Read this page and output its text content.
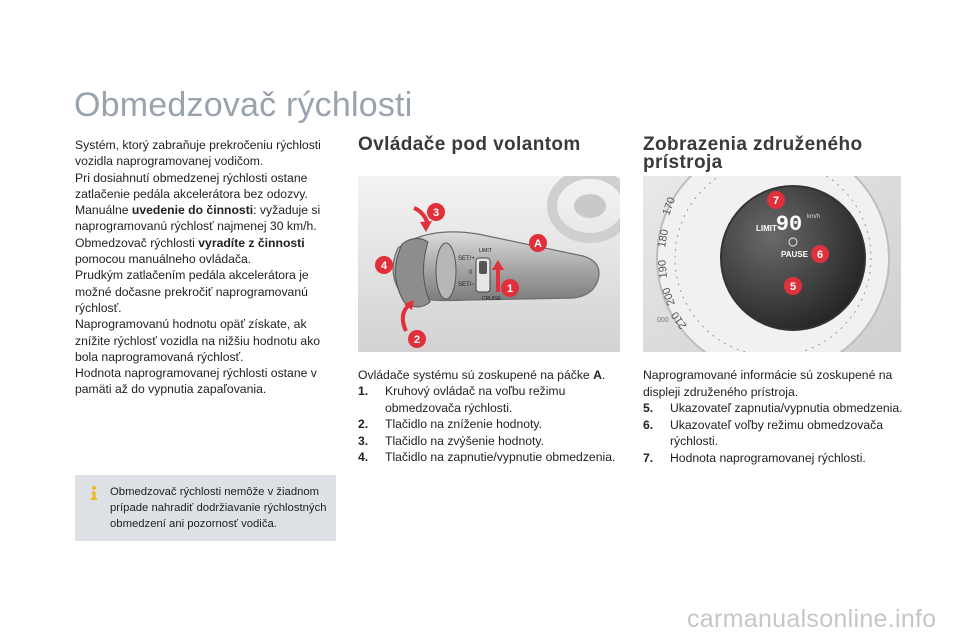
Obmedzovač rýchlosti

Systém, ktorý zabraňuje prekročeniu rýchlosti vozidla naprogramovanej vodičom.

Pri dosiahnutí obmedzenej rýchlosti ostane zatlačenie pedála akcelerátora bez odozvy.

Manuálne uvedenie do činnosti: vyžaduje si naprogramovanú rýchlosť najmenej 30 km/h.

Obmedzovač rýchlosti vyradíte z činnosti pomocou manuálneho ovládača.

Prudkým zatlačením pedála akcelerátora je možné dočasne prekročiť naprogramovanú rýchlosť.

Naprogramovanú hodnotu opäť získate, ak znížite rýchlosť vozidla na nižšiu hodnotu ako bola naprogramovaná rýchlosť.

Hodnota naprogramovanej rýchlosti ostane v pamäti až do vypnutia zapaľovania.

Obmedzovač rýchlosti nemôže v žiadnom prípade nahradiť dodržiavanie rýchlostných obmedzení ani pozornosť vodiča.
Ovládače pod volantom
SET/+
SET/−
LIMIT
CRUISE
0
1
2
3
4
A
Ovládače systému sú zoskupené na páčke A.
1. Kruhový ovládač na voľbu režimu obmedzovača rýchlosti.
2. Tlačidlo na zníženie hodnoty.
3. Tlačidlo na zvýšenie hodnoty.
4. Tlačidlo na zapnutie/vypnutie obmedzenia.
Zobrazenia združeného
prístroja
170
180
190
200
210
000
90 km/h
LIMIT
PAUSE
5
6
7
Naprogramované informácie sú zoskupené na displeji združeného prístroja.
5. Ukazovateľ zapnutia/vypnutia obmedzenia.
6. Ukazovateľ voľby režimu obmedzovača rýchlosti.
7. Hodnota naprogramovanej rýchlosti.
carmanualsonline.info
